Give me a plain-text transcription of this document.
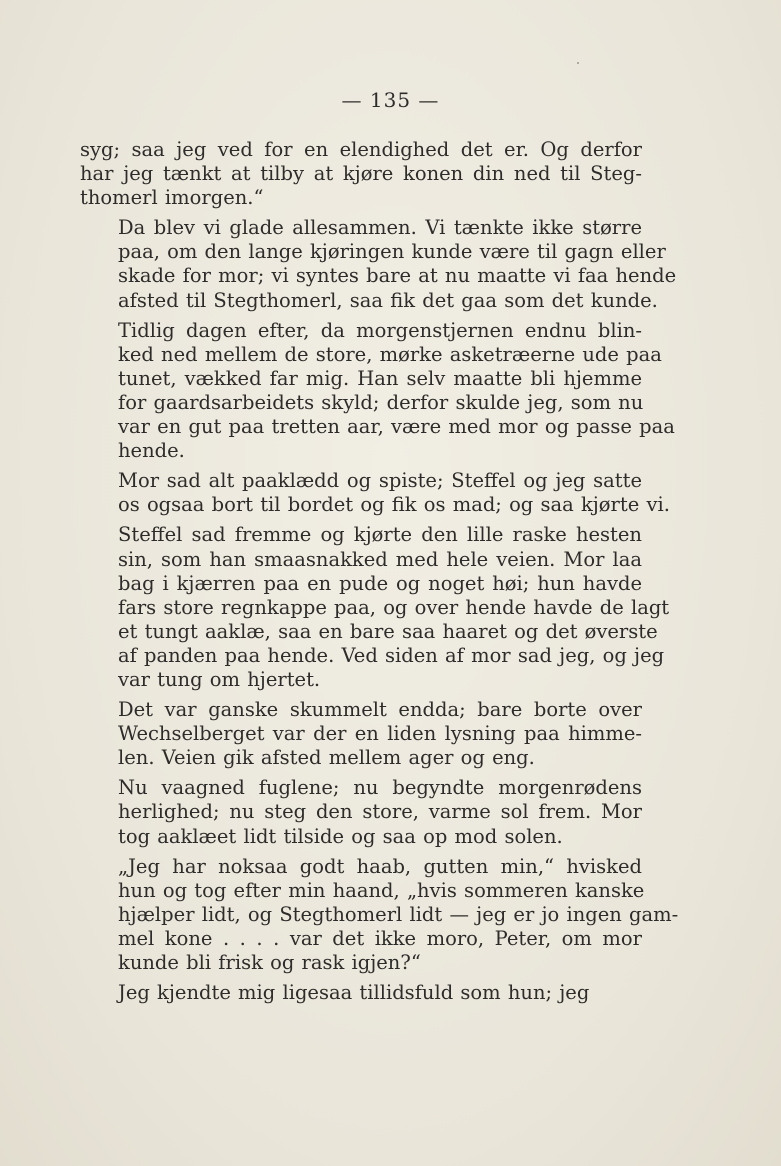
— 135 —

syg; saa jeg ved for en elendighed det er. Og derfor
har jeg tænkt at tilby at kjøre konen din ned til Steg-
thomerl imorgen.“

Da blev vi glade allesammen. Vi tænkte ikke større
paa, om den lange kjøringen kunde være til gagn eller
skade for mor; vi syntes bare at nu maatte vi faa hende
afsted til Stegthomerl, saa fik det gaa som det kunde.

Tidlig dagen efter, da morgenstjernen endnu blin-
ked ned mellem de store, mørke asketræerne ude paa
tunet, vækked far mig. Han selv maatte bli hjemme
for gaardsarbeidets skyld; derfor skulde jeg, som nu
var en gut paa tretten aar, være med mor og passe paa
hende.

Mor sad alt paaklædd og spiste; Steffel og jeg satte
os ogsaa bort til bordet og fik os mad; og saa kjørte vi.

Steffel sad fremme og kjørte den lille raske hesten
sin, som han smaasnakked med hele veien. Mor laa
bag i kjærren paa en pude og noget høi; hun havde
fars store regnkappe paa, og over hende havde de lagt
et tungt aaklæ, saa en bare saa haaret og det øverste
af panden paa hende. Ved siden af mor sad jeg, og jeg
var tung om hjertet.

Det var ganske skummelt endda; bare borte over
Wechselberget var der en liden lysning paa himme-
len. Veien gik afsted mellem ager og eng.

Nu vaagned fuglene; nu begyndte morgenrødens
herlighed; nu steg den store, varme sol frem. Mor
tog aaklæet lidt tilside og saa op mod solen.

„Jeg har noksaa godt haab, gutten min,“ hvisked
hun og tog efter min haand, „hvis sommeren kanske
hjælper lidt, og Stegthomerl lidt — jeg er jo ingen gam-
mel kone . . . . var det ikke moro, Peter, om mor
kunde bli frisk og rask igjen?“

Jeg kjendte mig ligesaa tillidsfuld som hun; jeg
